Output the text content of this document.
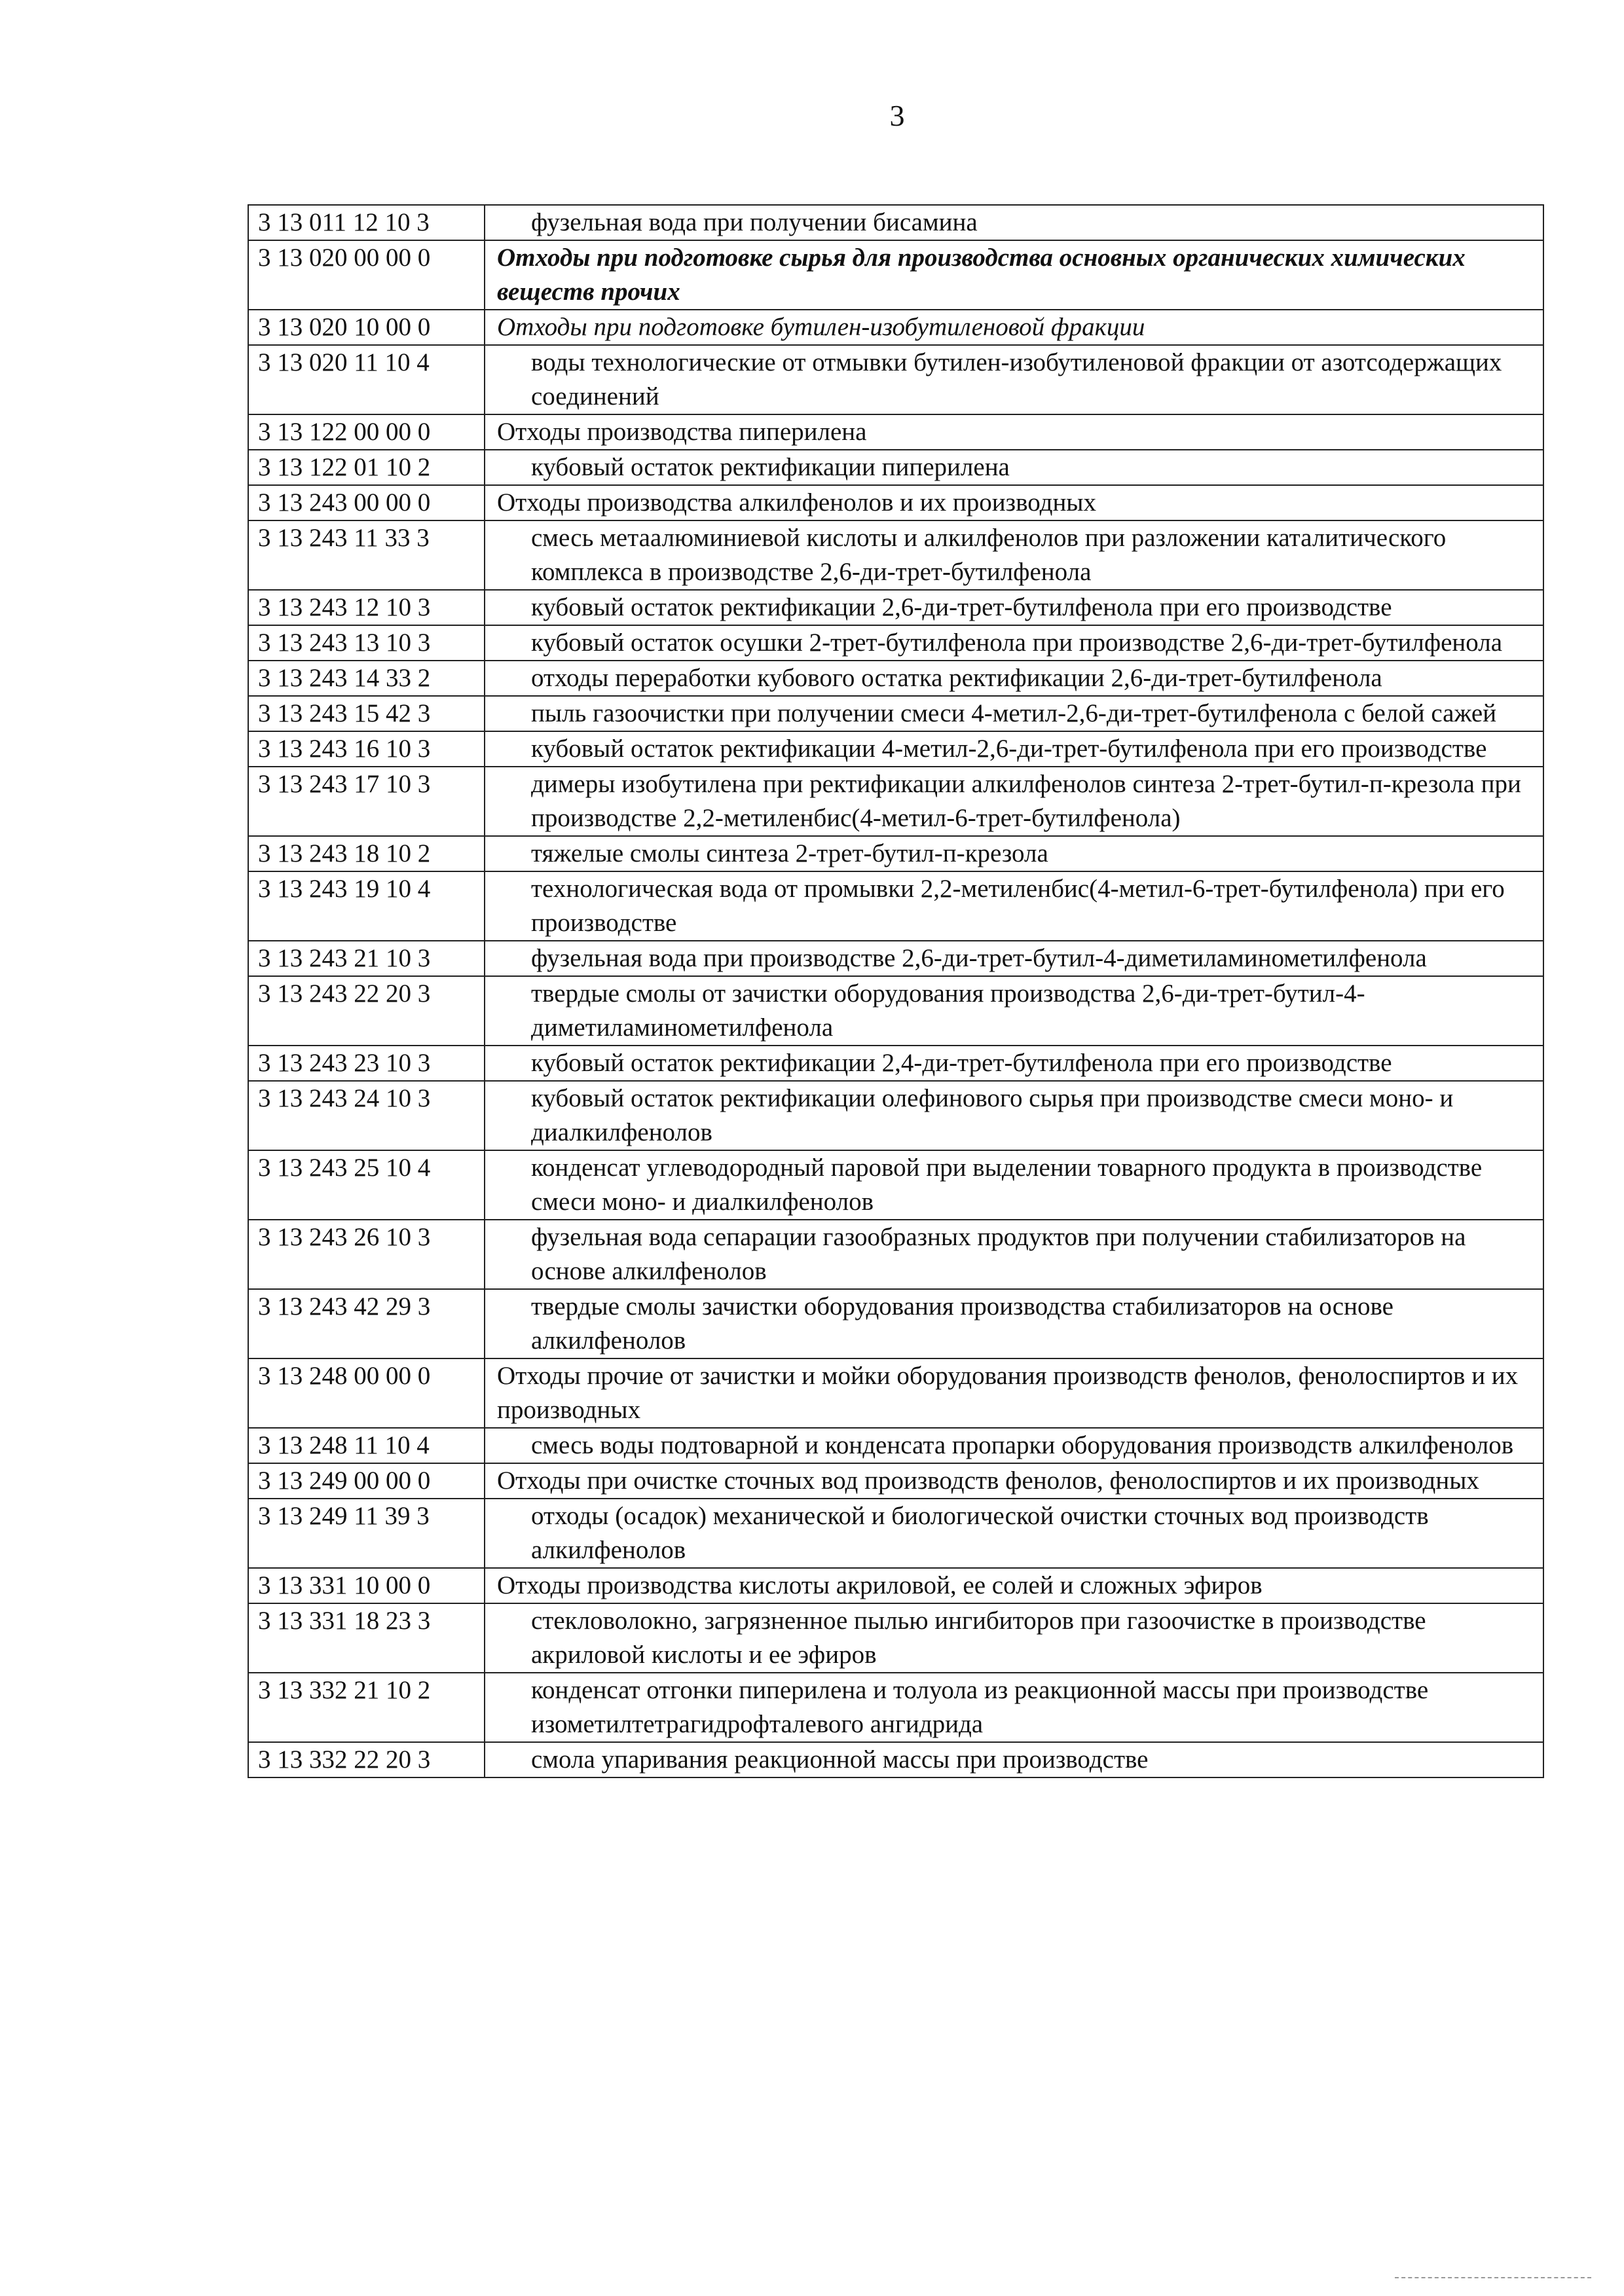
3
3 13 011 12 10 3	фузельная вода при получении бисамина
3 13 020 00 00 0	Отходы при подготовке сырья для производства основных органических химических веществ прочих
3 13 020 10 00 0	Отходы при подготовке бутилен-изобутиленовой фракции
3 13 020 11 10 4	воды технологические от отмывки бутилен-изобутиленовой фракции от азотсодержащих соединений
3 13 122 00 00 0	Отходы производства пиперилена
3 13 122 01 10 2	кубовый остаток ректификации пиперилена
3 13 243 00 00 0	Отходы производства алкилфенолов и их производных
3 13 243 11 33 3	смесь метаалюминиевой кислоты и алкилфенолов при разложении каталитического комплекса в производстве 2,6-ди-трет-бутилфенола
3 13 243 12 10 3	кубовый остаток ректификации 2,6-ди-трет-бутилфенола при его производстве
3 13 243 13 10 3	кубовый остаток осушки 2-трет-бутилфенола при производстве 2,6-ди-трет-бутилфенола
3 13 243 14 33 2	отходы переработки кубового остатка ректификации 2,6-ди-трет-бутилфенола
3 13 243 15 42 3	пыль газоочистки при получении смеси 4-метил-2,6-ди-трет-бутилфенола с белой сажей
3 13 243 16 10 3	кубовый остаток ректификации 4-метил-2,6-ди-трет-бутилфенола при его производстве
3 13 243 17 10 3	димеры изобутилена при ректификации алкилфенолов синтеза 2-трет-бутил-п-крезола при производстве 2,2-метиленбис(4-метил-6-трет-бутилфенола)
3 13 243 18 10 2	тяжелые смолы синтеза 2-трет-бутил-п-крезола
3 13 243 19 10 4	технологическая вода от промывки 2,2-метиленбис(4-метил-6-трет-бутилфенола) при его производстве
3 13 243 21 10 3	фузельная вода при производстве 2,6-ди-трет-бутил-4-диметиламинометилфенола
3 13 243 22 20 3	твердые смолы от зачистки оборудования производства 2,6-ди-трет-бутил-4-диметиламинометилфенола
3 13 243 23 10 3	кубовый остаток ректификации 2,4-ди-трет-бутилфенола при его производстве
3 13 243 24 10 3	кубовый остаток ректификации олефинового сырья при производстве смеси моно- и диалкилфенолов
3 13 243 25 10 4	конденсат углеводородный паровой при выделении товарного продукта в производстве смеси моно- и диалкилфенолов
3 13 243 26 10 3	фузельная вода сепарации газообразных продуктов при получении стабилизаторов на основе алкилфенолов
3 13 243 42 29 3	твердые смолы зачистки оборудования производства стабилизаторов на основе алкилфенолов
3 13 248 00 00 0	Отходы прочие от зачистки и мойки оборудования производств фенолов, фенолоспиртов и их производных
3 13 248 11 10 4	смесь воды подтоварной и конденсата пропарки оборудования производств алкилфенолов
3 13 249 00 00 0	Отходы при очистке сточных вод производств фенолов, фенолоспиртов и их производных
3 13 249 11 39 3	отходы (осадок) механической и биологической очистки сточных вод производств алкилфенолов
3 13 331 10 00 0	Отходы производства кислоты акриловой, ее солей и сложных эфиров
3 13 331 18 23 3	стекловолокно, загрязненное пылью ингибиторов при газоочистке в производстве акриловой кислоты и ее эфиров
3 13 332 21 10 2	конденсат отгонки пиперилена и толуола из реакционной массы при производстве изометилтетрагидрофталевого ангидрида
3 13 332 22 20 3	смола упаривания реакционной массы при производстве
